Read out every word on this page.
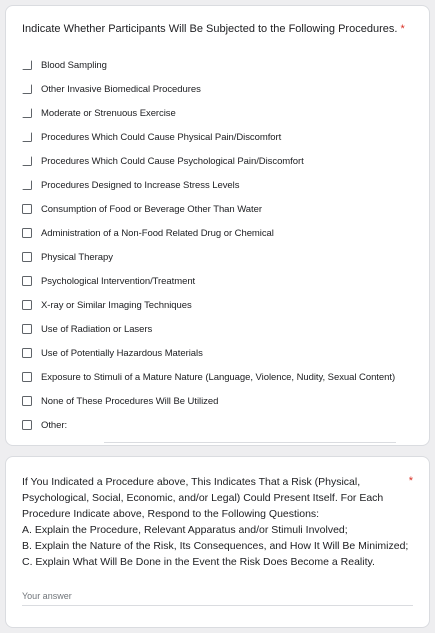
Indicate Whether Participants Will Be Subjected to the Following Procedures. *
Blood Sampling
Other Invasive Biomedical Procedures
Moderate or Strenuous Exercise
Procedures Which Could Cause Physical Pain/Discomfort
Procedures Which Could Cause Psychological Pain/Discomfort
Procedures Designed to Increase Stress Levels
Consumption of Food or Beverage Other Than Water
Administration of a Non-Food Related Drug or Chemical
Physical Therapy
Psychological Intervention/Treatment
X-ray or Similar Imaging Techniques
Use of Radiation or Lasers
Use of Potentially Hazardous Materials
Exposure to Stimuli of a Mature Nature (Language, Violence, Nudity, Sexual Content)
None of These Procedures Will Be Utilized
Other:
If You Indicated a Procedure above, This Indicates That a Risk (Physical,
Psychological, Social, Economic, and/or Legal) Could Present Itself. For Each
Procedure Indicate above, Respond to the Following Questions:
A. Explain the Procedure, Relevant Apparatus and/or Stimuli Involved;
B. Explain the Nature of the Risk, Its Consequences, and How It Will Be Minimized;
C. Explain What Will Be Done in the Event the Risk Does Become a Reality.
*
Your answer
